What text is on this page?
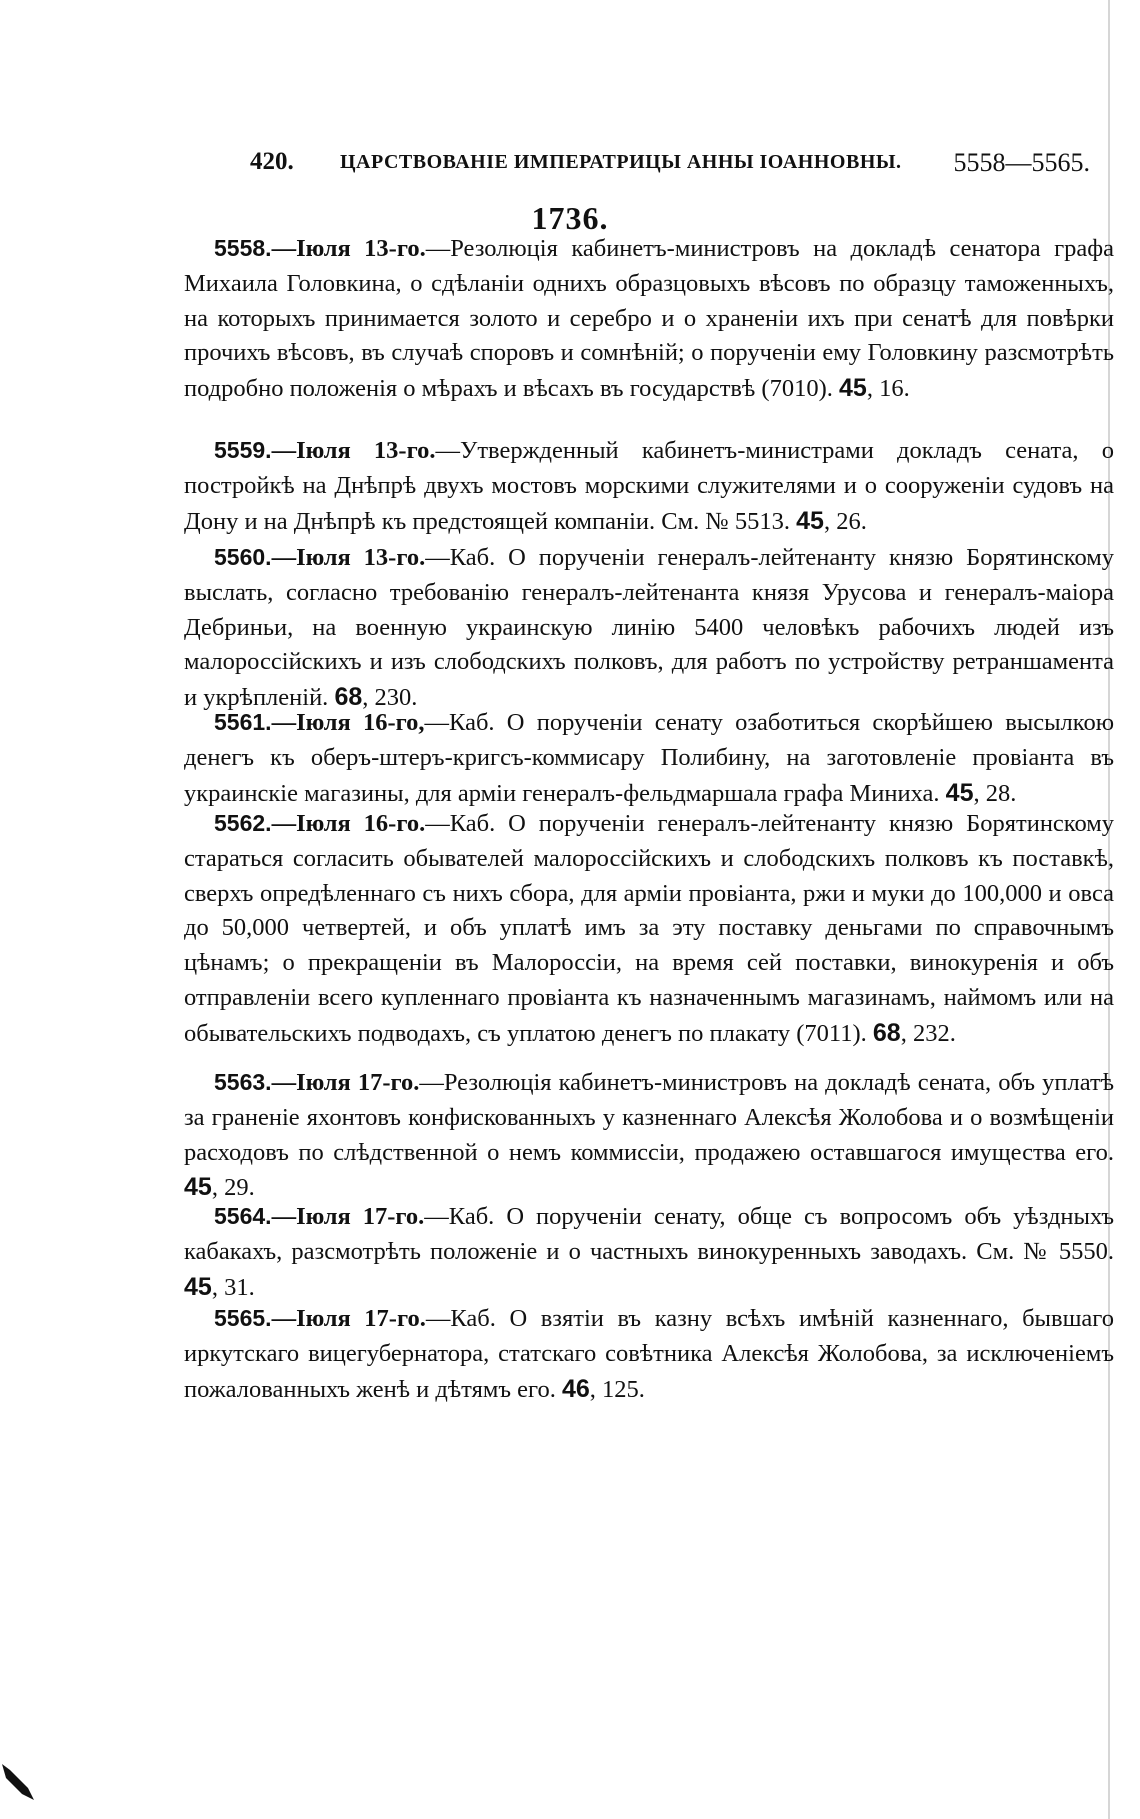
420. ЦАРСТВОВАНІЕ ИМПЕРАТРИЦЫ АННЫ ІОАННОВНЫ. 5558—5565.
1736.

5558.—Іюля 13-го.—Резолюція кабинетъ-министровъ на докладѣ сенатора графа Михаила Головкина, о сдѣланіи однихъ образцовыхъ вѣсовъ по образцу таможенныхъ, на которыхъ принимается золото и серебро и о храненіи ихъ при сенатѣ для повѣрки прочихъ вѣсовъ, въ случаѣ споровъ и сомнѣній; о порученіи ему Головкину разсмотрѣть подробно положенія о мѣрахъ и вѣсахъ въ государствѣ (7010). 45, 16.

5559.—Іюля 13-го.—Утвержденный кабинетъ-министрами докладъ сената, о постройкѣ на Днѣпрѣ двухъ мостовъ морскими служителями и о сооруженіи судовъ на Дону и на Днѣпрѣ къ предстоящей компаніи. См. № 5513. 45, 26.

5560.—Іюля 13-го.—Каб. О порученіи генералъ-лейтенанту князю Борятинскому выслать, согласно требованію генералъ-лейтенанта князя Урусова и генералъ-маіора Дебриньи, на военную украинскую линію 5400 человѣкъ рабочихъ людей изъ малороссійскихъ и изъ слободскихъ полковъ, для работъ по устройству ретраншамента и укрѣпленій. 68, 230.

5561.—Іюля 16-го,—Каб. О порученіи сенату озаботиться скорѣйшею высылкою денегъ къ оберъ-штеръ-кригсъ-коммисару Полибину, на заготовленіе провіанта въ украинскіе магазины, для арміи генералъ-фельдмаршала графа Миниха. 45, 28.

5562.—Іюля 16-го.—Каб. О порученіи генералъ-лейтенанту князю Борятинскому стараться согласить обывателей малороссійскихъ и слободскихъ полковъ къ поставкѣ, сверхъ опредѣленнаго съ нихъ сбора, для арміи провіанта, ржи и муки до 100,000 и овса до 50,000 четвертей, и объ уплатѣ имъ за эту поставку деньгами по справочнымъ цѣнамъ; о прекращеніи въ Малороссіи, на время сей поставки, винокуренія и объ отправленіи всего купленнаго провіанта къ назначеннымъ магазинамъ, наймомъ или на обывательскихъ подводахъ, съ уплатою денегъ по плакату (7011). 68, 232.

5563.—Іюля 17-го.—Резолюція кабинетъ-министровъ на докладѣ сената, объ уплатѣ за граненіе яхонтовъ конфискованныхъ у казненнаго Алексѣя Жолобова и о возмѣщеніи расходовъ по слѣдственной о немъ коммиссіи, продажею оставшагося имущества его. 45, 29.

5564.—Іюля 17-го.—Каб. О порученіи сенату, обще съ вопросомъ объ уѣздныхъ кабакахъ, разсмотрѣть положеніе и о частныхъ винокуренныхъ заводахъ. См. № 5550. 45, 31.

5565.—Іюля 17-го.—Каб. О взятіи въ казну всѣхъ имѣній казненнаго, бывшаго иркутскаго вицегубернатора, статскаго совѣтника Алексѣя Жолобова, за исключеніемъ пожалованныхъ женѣ и дѣтямъ его. 46, 125.
